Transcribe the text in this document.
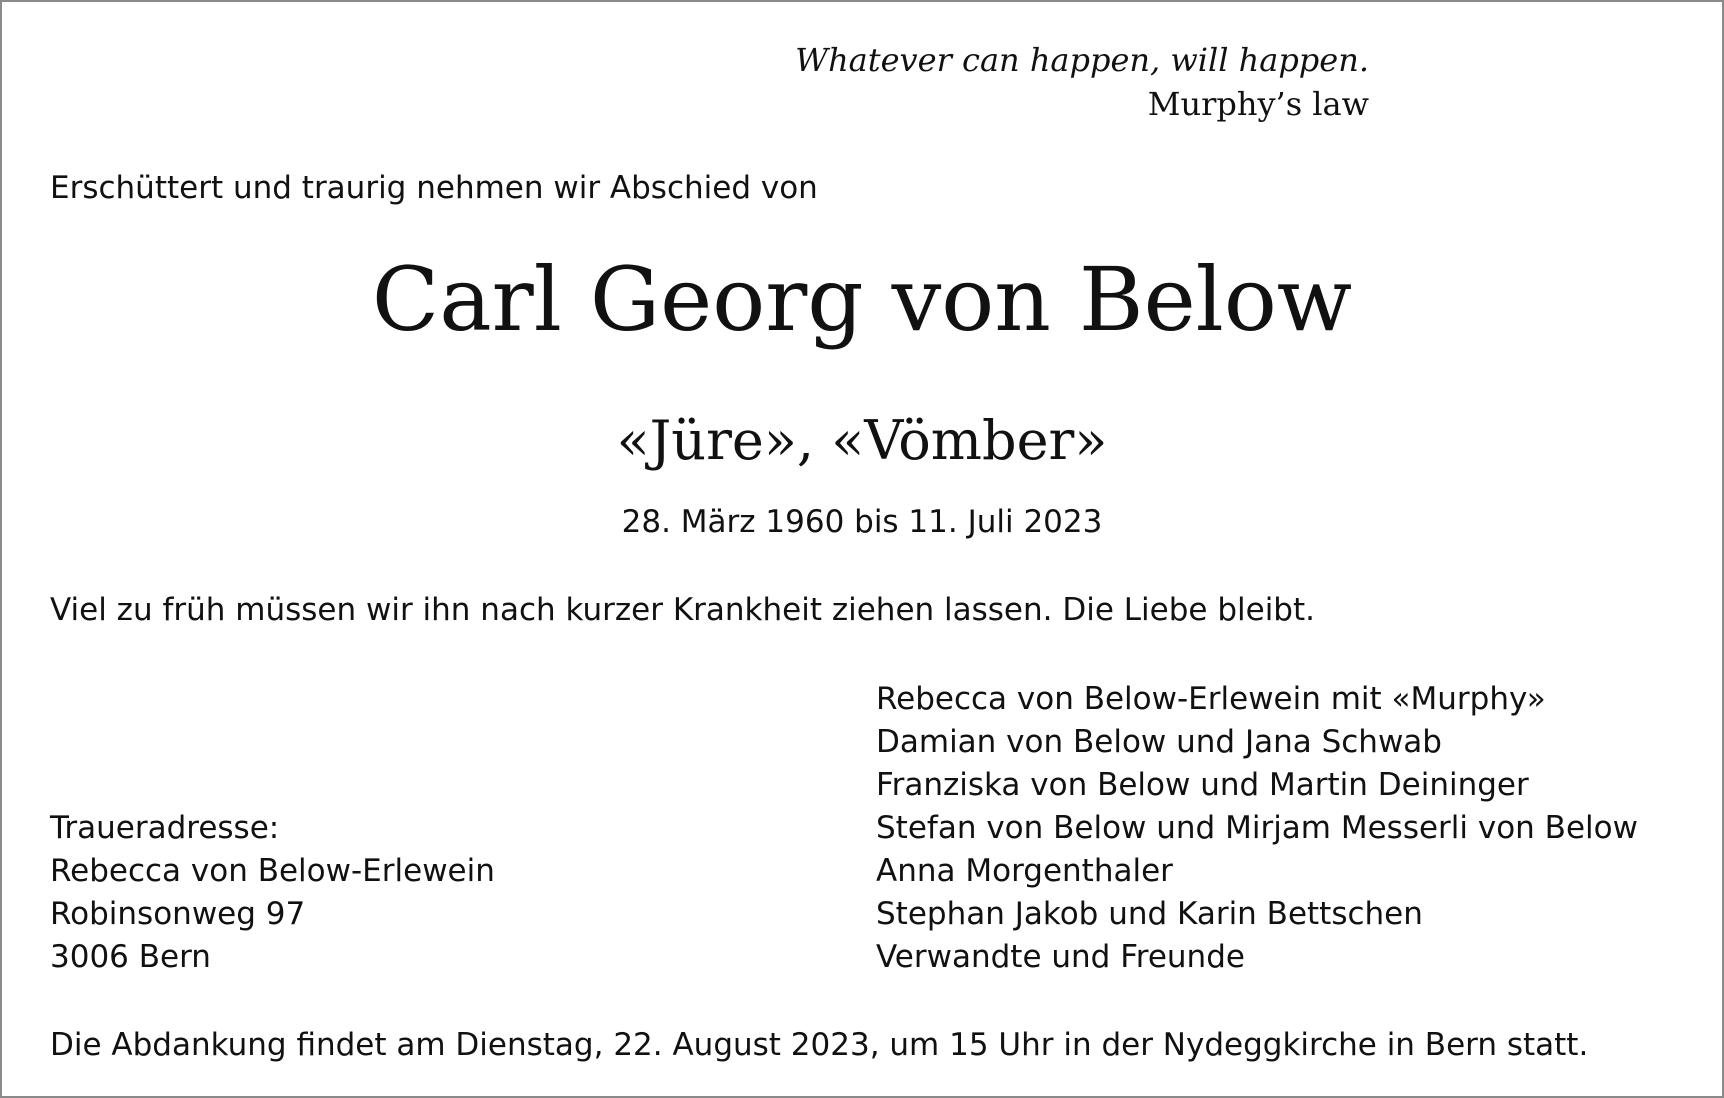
Whatever can happen, will happen.
Murphy’s law
Erschüttert und traurig nehmen wir Abschied von
Carl Georg von Below
«Jüre», «Vömber»
28. März 1960 bis 11. Juli 2023
Viel zu früh müssen wir ihn nach kurzer Krankheit ziehen lassen. Die Liebe bleibt.
Rebecca von Below-Erlewein mit «Murphy»
Damian von Below und Jana Schwab
Franziska von Below und Martin Deininger
Stefan von Below und Mirjam Messerli von Below
Anna Morgenthaler
Stephan Jakob und Karin Bettschen
Verwandte und Freunde
Traueradresse:
Rebecca von Below-Erlewein
Robinsonweg 97
3006 Bern
Die Abdankung findet am Dienstag, 22. August 2023, um 15 Uhr in der Nydeggkirche in Bern statt.
